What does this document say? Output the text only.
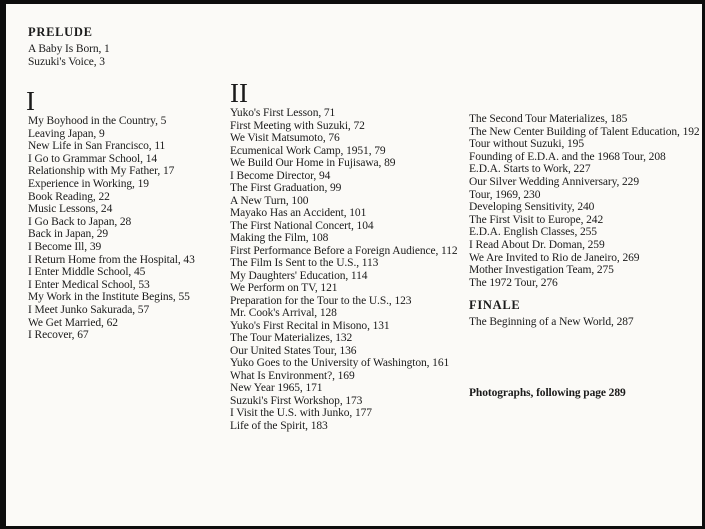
PRELUDE
A Baby Is Born, 1
Suzuki's Voice, 3
I
My Boyhood in the Country, 5
Leaving Japan, 9
New Life in San Francisco, 11
I Go to Grammar School, 14
Relationship with My Father, 17
Experience in Working, 19
Book Reading, 22
Music Lessons, 24
I Go Back to Japan, 28
Back in Japan, 29
I Become Ill, 39
I Return Home from the Hospital, 43
I Enter Middle School, 45
I Enter Medical School, 53
My Work in the Institute Begins, 55
I Meet Junko Sakurada, 57
We Get Married, 62
I Recover, 67
II
Yuko's First Lesson, 71
First Meeting with Suzuki, 72
We Visit Matsumoto, 76
Ecumenical Work Camp, 1951, 79
We Build Our Home in Fujisawa, 89
I Become Director, 94
The First Graduation, 99
A New Turn, 100
Mayako Has an Accident, 101
The First National Concert, 104
Making the Film, 108
First Performance Before a Foreign Audience, 112
The Film Is Sent to the U.S., 113
My Daughters' Education, 114
We Perform on TV, 121
Preparation for the Tour to the U.S., 123
Mr. Cook's Arrival, 128
Yuko's First Recital in Misono, 131
The Tour Materializes, 132
Our United States Tour, 136
Yuko Goes to the University of Washington, 161
What Is Environment?, 169
New Year 1965, 171
Suzuki's First Workshop, 173
I Visit the U.S. with Junko, 177
Life of the Spirit, 183
The Second Tour Materializes, 185
The New Center Building of Talent Education, 192
Tour without Suzuki, 195
Founding of E.D.A. and the 1968 Tour, 208
E.D.A. Starts to Work, 227
Our Silver Wedding Anniversary, 229
Tour, 1969, 230
Developing Sensitivity, 240
The First Visit to Europe, 242
E.D.A. English Classes, 255
I Read About Dr. Doman, 259
We Are Invited to Rio de Janeiro, 269
Mother Investigation Team, 275
The 1972 Tour, 276
FINALE
The Beginning of a New World, 287
Photographs, following page 289
